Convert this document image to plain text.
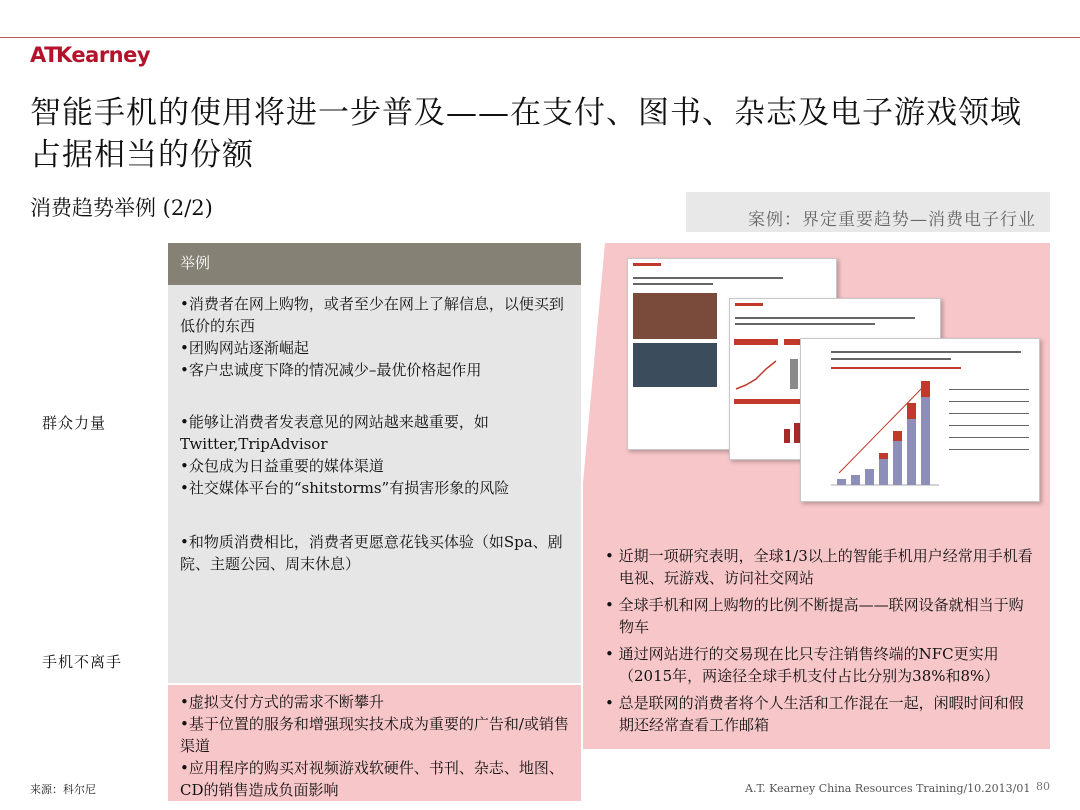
AT
Kearney
智能手机的使用将进一步普及——在支付、图书、杂志及电子游戏领域占据相当的份额
消费趋势举例 (2/2)	案例：界定重要趋势—消费电子行业
群众力量
手机不离手
举例
•消费者在网上购物，或者至少在网上了解信息，以便买到低价的东西
•团购网站逐渐崛起
•客户忠诚度下降的情况减少–最优价格起作用
•能够让消费者发表意见的网站越来越重要，如Twitter,TripAdvisor
•众包成为日益重要的媒体渠道
•社交媒体平台的“shitstorms”有损害形象的风险
•和物质消费相比，消费者更愿意花钱买体验（如Spa、剧院、主题公园、周末休息）
•虚拟支付方式的需求不断攀升
•基于位置的服务和增强现实技术成为重要的广告和/或销售渠道
•应用程序的购买对视频游戏软硬件、书刊、杂志、地图、CD的销售造成负面影响
• 近期一项研究表明，全球1/3以上的智能手机用户经常用手机看电视、玩游戏、访问社交网站
• 全球手机和网上购物的比例不断提高——联网设备就相当于购物车
• 通过网站进行的交易现在比只专注销售终端的NFC更实用（2015年，两途径全球手机支付占比分别为38%和8%）
• 总是联网的消费者将个人生活和工作混在一起，闲暇时间和假期还经常查看工作邮箱
来源：科尔尼	A.T. Kearney China Resources Training/10.2013/01 80
